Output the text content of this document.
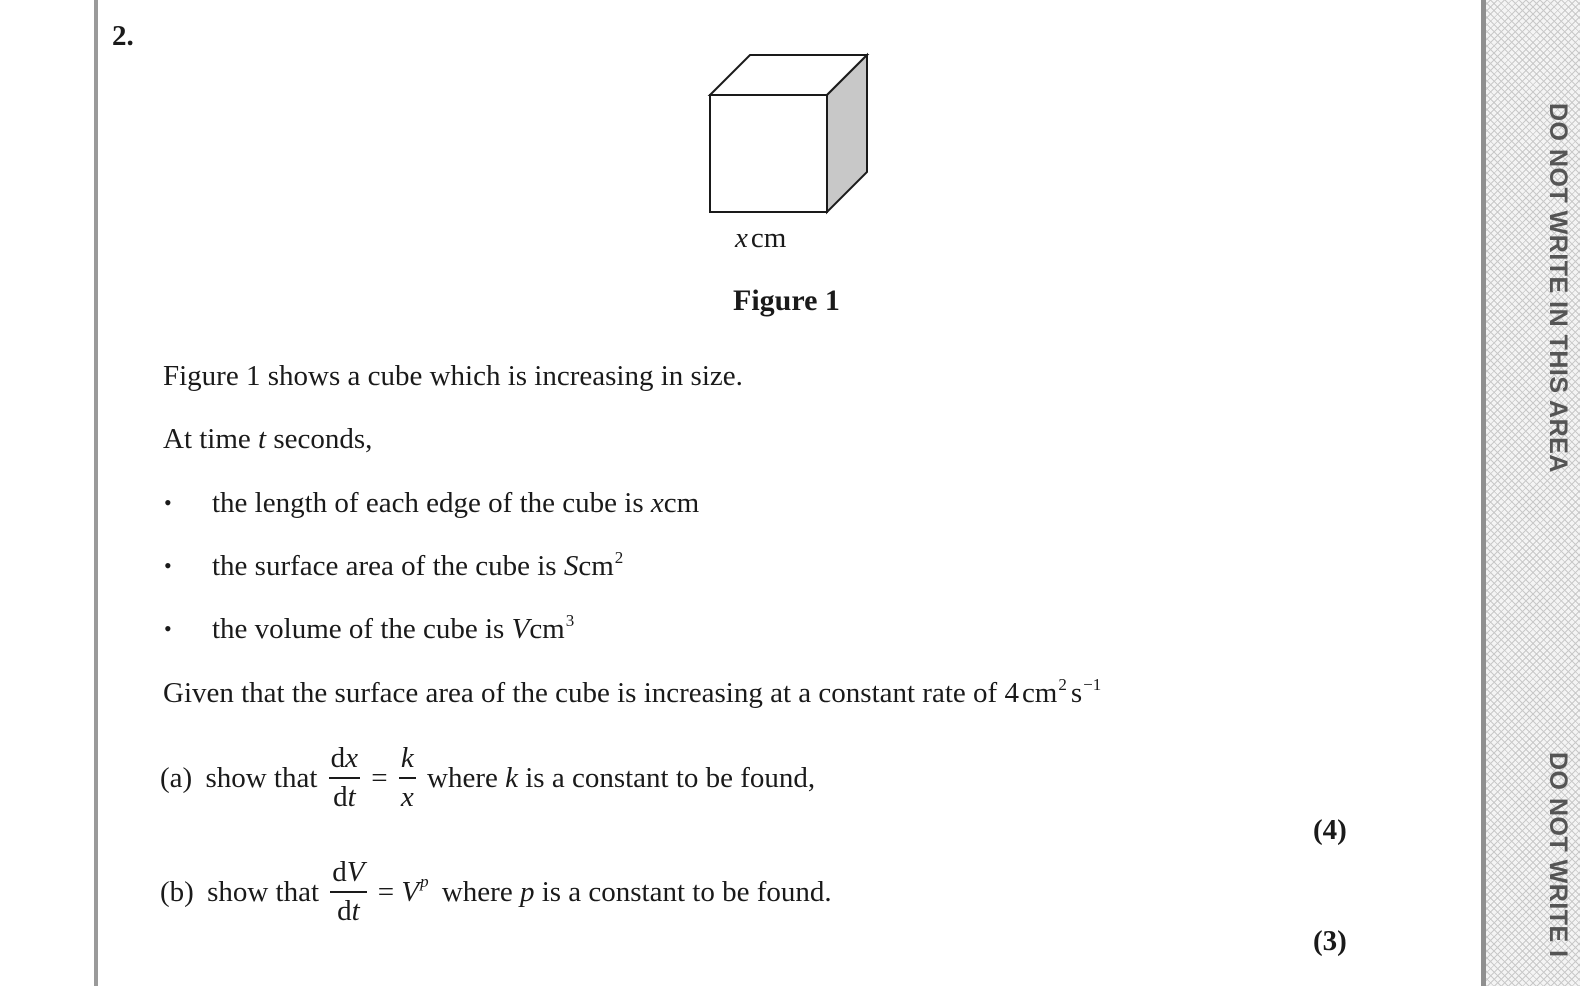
DO NOT WRITE IN THIS AREA
DO NOT WRITE I
2.
x cm
Figure 1
Figure 1 shows a cube which is increasing in size.
At time t seconds,
• the length of each edge of the cube is xcm
• the surface area of the cube is Scm$^2$
• the volume of the cube is Vcm$^3$
Given that the surface area of the cube is increasing at a constant rate of 4 $cm^2$ $s^{-1}$
(a) show that $\frac{dx}{dt} = \frac{k}{x}$ where k is a constant to be found,
(4)
(b) show that $\frac{dV}{dt} = V^p$ where p is a constant to be found.
(3)
